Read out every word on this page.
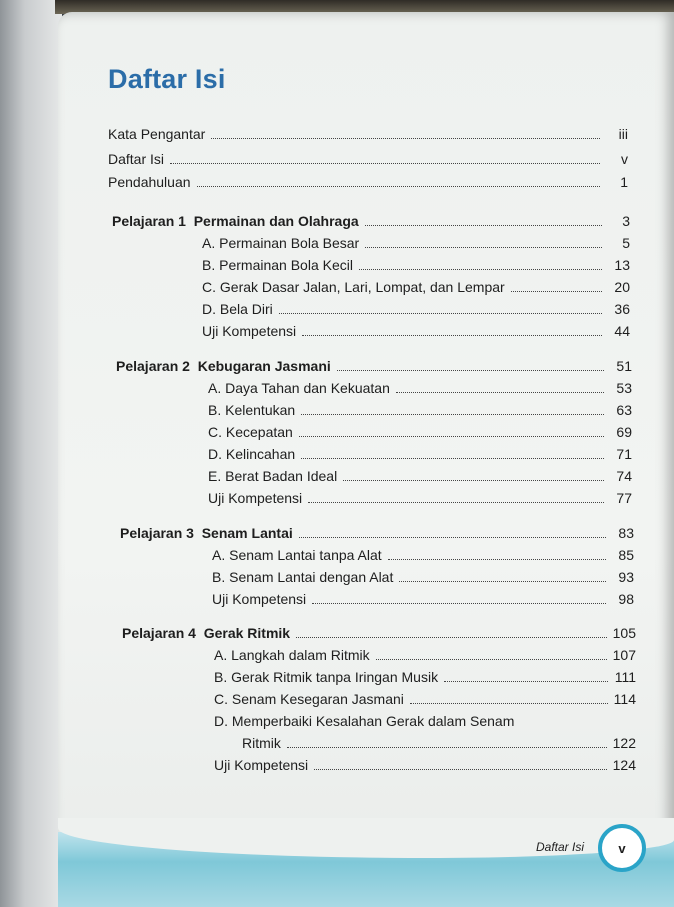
Daftar Isi
Kata Pengantar	iii
Daftar Isi	v
Pendahuluan	1
Pelajaran 1 Permainan dan Olahraga	3
A. Permainan Bola Besar	5
B. Permainan Bola Kecil	13
C. Gerak Dasar Jalan, Lari, Lompat, dan Lempar	20
D. Bela Diri	36
Uji Kompetensi	44
Pelajaran 2 Kebugaran Jasmani	51
A. Daya Tahan dan Kekuatan	53
B. Kelentukan	63
C. Kecepatan	69
D. Kelincahan	71
E. Berat Badan Ideal	74
Uji Kompetensi	77
Pelajaran 3 Senam Lantai	83
A. Senam Lantai tanpa Alat	85
B. Senam Lantai dengan Alat	93
Uji Kompetensi	98
Pelajaran 4 Gerak Ritmik	105
A. Langkah dalam Ritmik	107
B. Gerak Ritmik tanpa Iringan Musik	111
C. Senam Kesegaran Jasmani	114
D. Memperbaiki Kesalahan Gerak dalam Senam
Ritmik	122
Uji Kompetensi	124
Daftar Isi	v
